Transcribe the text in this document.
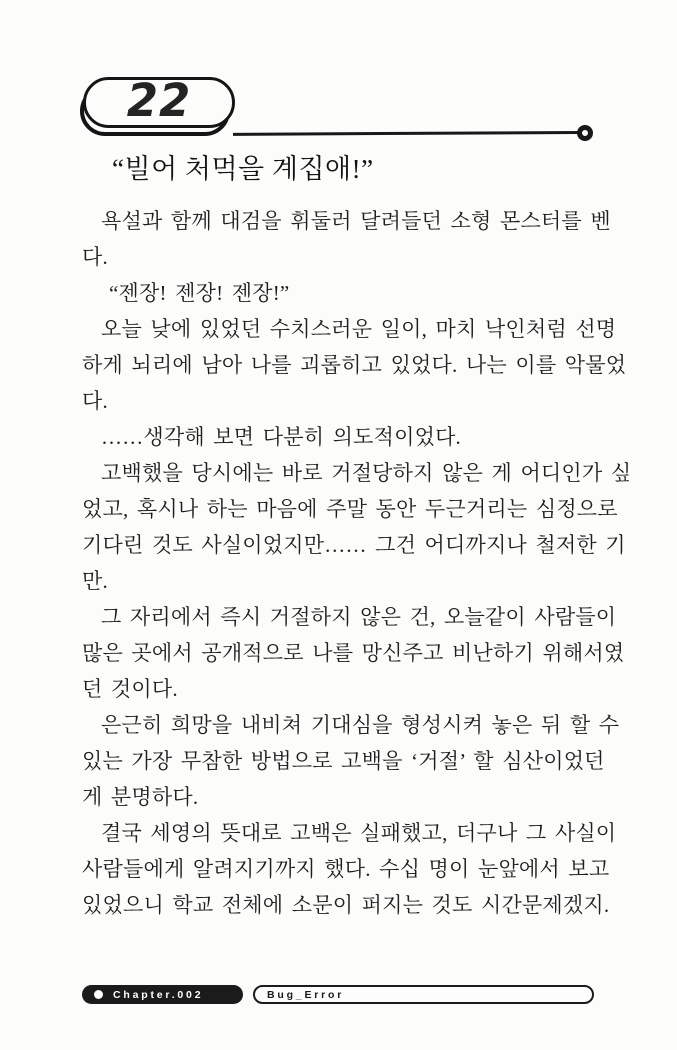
22
“빌어 처먹을 계집애!”
욕설과 함께 대검을 휘둘러 달려들던 소형 몬스터를 벤
다.
“젠장! 젠장! 젠장!”
오늘 낮에 있었던 수치스러운 일이, 마치 낙인처럼 선명
하게 뇌리에 남아 나를 괴롭히고 있었다. 나는 이를 악물었
다.
……생각해 보면 다분히 의도적이었다.
고백했을 당시에는 바로 거절당하지 않은 게 어디인가 싶
었고, 혹시나 하는 마음에 주말 동안 두근거리는 심정으로
기다린 것도 사실이었지만…… 그건 어디까지나 철저한 기
만.
그 자리에서 즉시 거절하지 않은 건, 오늘같이 사람들이
많은 곳에서 공개적으로 나를 망신주고 비난하기 위해서였
던 것이다.
은근히 희망을 내비쳐 기대심을 형성시켜 놓은 뒤 할 수
있는 가장 무참한 방법으로 고백을 ‘거절’ 할 심산이었던
게 분명하다.
결국 세영의 뜻대로 고백은 실패했고, 더구나 그 사실이
사람들에게 알려지기까지 했다. 수십 명이 눈앞에서 보고
있었으니 학교 전체에 소문이 퍼지는 것도 시간문제겠지.
Chapter.002	Bug_Error
